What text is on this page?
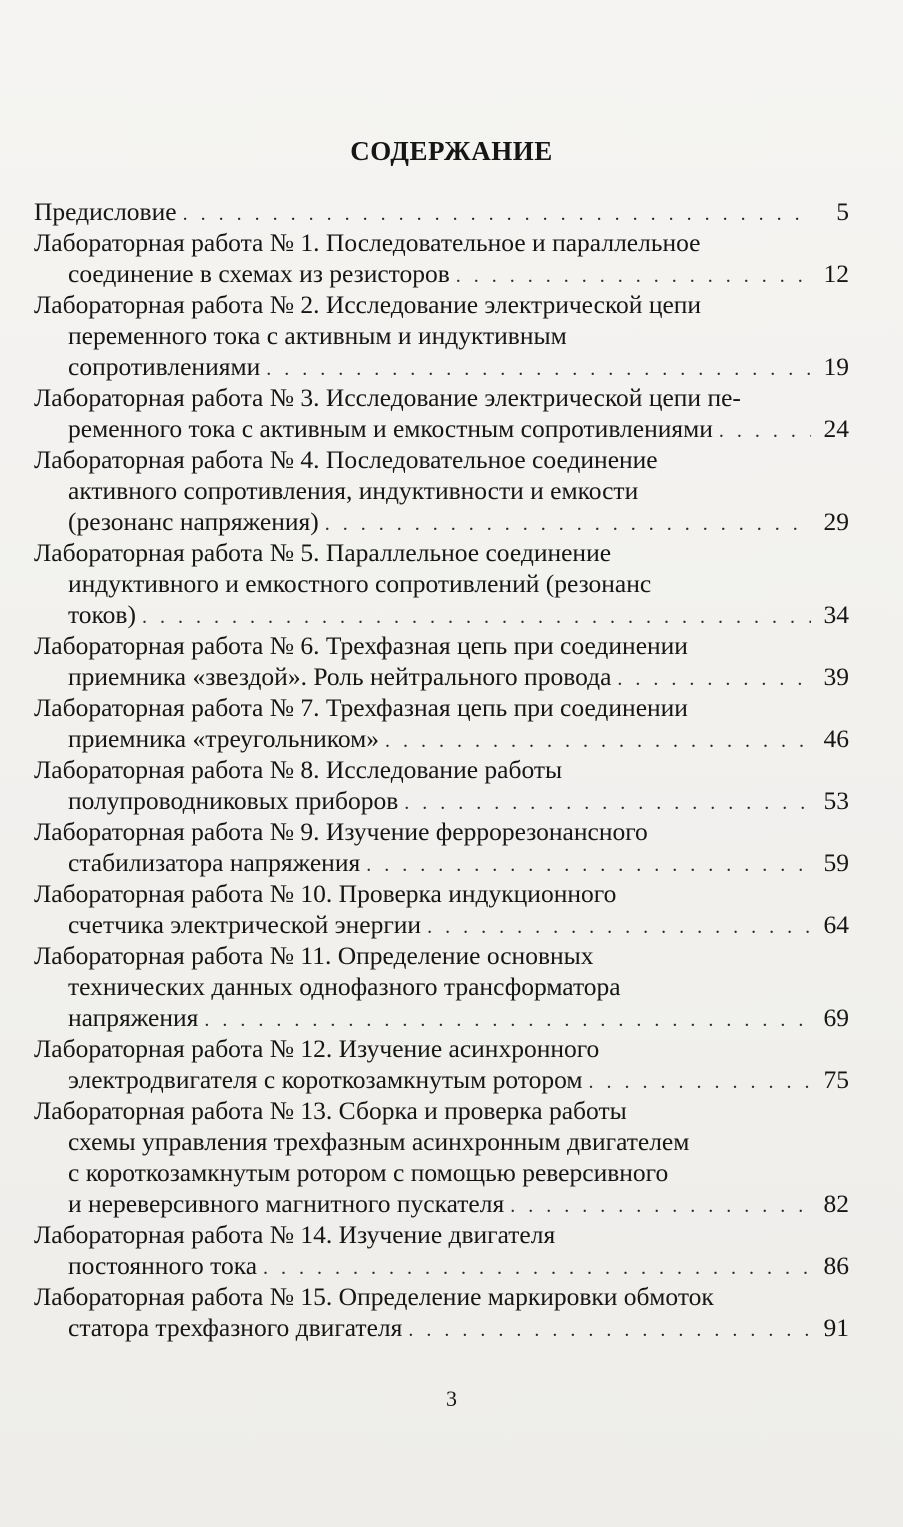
СОДЕРЖАНИЕ
Предисловие . . .	5
Лабораторная работа № 1. Последовательное и параллельное
соединение в схемах из резисторов . . .	12
Лабораторная работа № 2. Исследование электрической цепи
переменного тока с активным и индуктивным
сопротивлениями . . .	19
Лабораторная работа № 3. Исследование электрической цепи пе-
ременного тока с активным и емкостным сопротивлениями . . .	24
Лабораторная работа № 4. Последовательное соединение
активного сопротивления, индуктивности и емкости
(резонанс напряжения) . . .	29
Лабораторная работа № 5. Параллельное соединение
индуктивного и емкостного сопротивлений (резонанс
токов) . . .	34
Лабораторная работа № 6. Трехфазная цепь при соединении
приемника «звездой». Роль нейтрального провода . . .	39
Лабораторная работа № 7. Трехфазная цепь при соединении
приемника «треугольником» . . .	46
Лабораторная работа № 8. Исследование работы
полупроводниковых приборов . . .	53
Лабораторная работа № 9. Изучение феррорезонансного
стабилизатора напряжения . . .	59
Лабораторная работа № 10. Проверка индукционного
счетчика электрической энергии . . .	64
Лабораторная работа № 11. Определение основных
технических данных однофазного трансформатора
напряжения . . .	69
Лабораторная работа № 12. Изучение асинхронного
электродвигателя с короткозамкнутым ротором . . .	75
Лабораторная работа № 13. Сборка и проверка работы
схемы управления трехфазным асинхронным двигателем
с короткозамкнутым ротором с помощью реверсивного
и нереверсивного магнитного пускателя . . .	82
Лабораторная работа № 14. Изучение двигателя
постоянного тока . . .	86
Лабораторная работа № 15. Определение маркировки обмоток
статора трехфазного двигателя . . .	91
3
